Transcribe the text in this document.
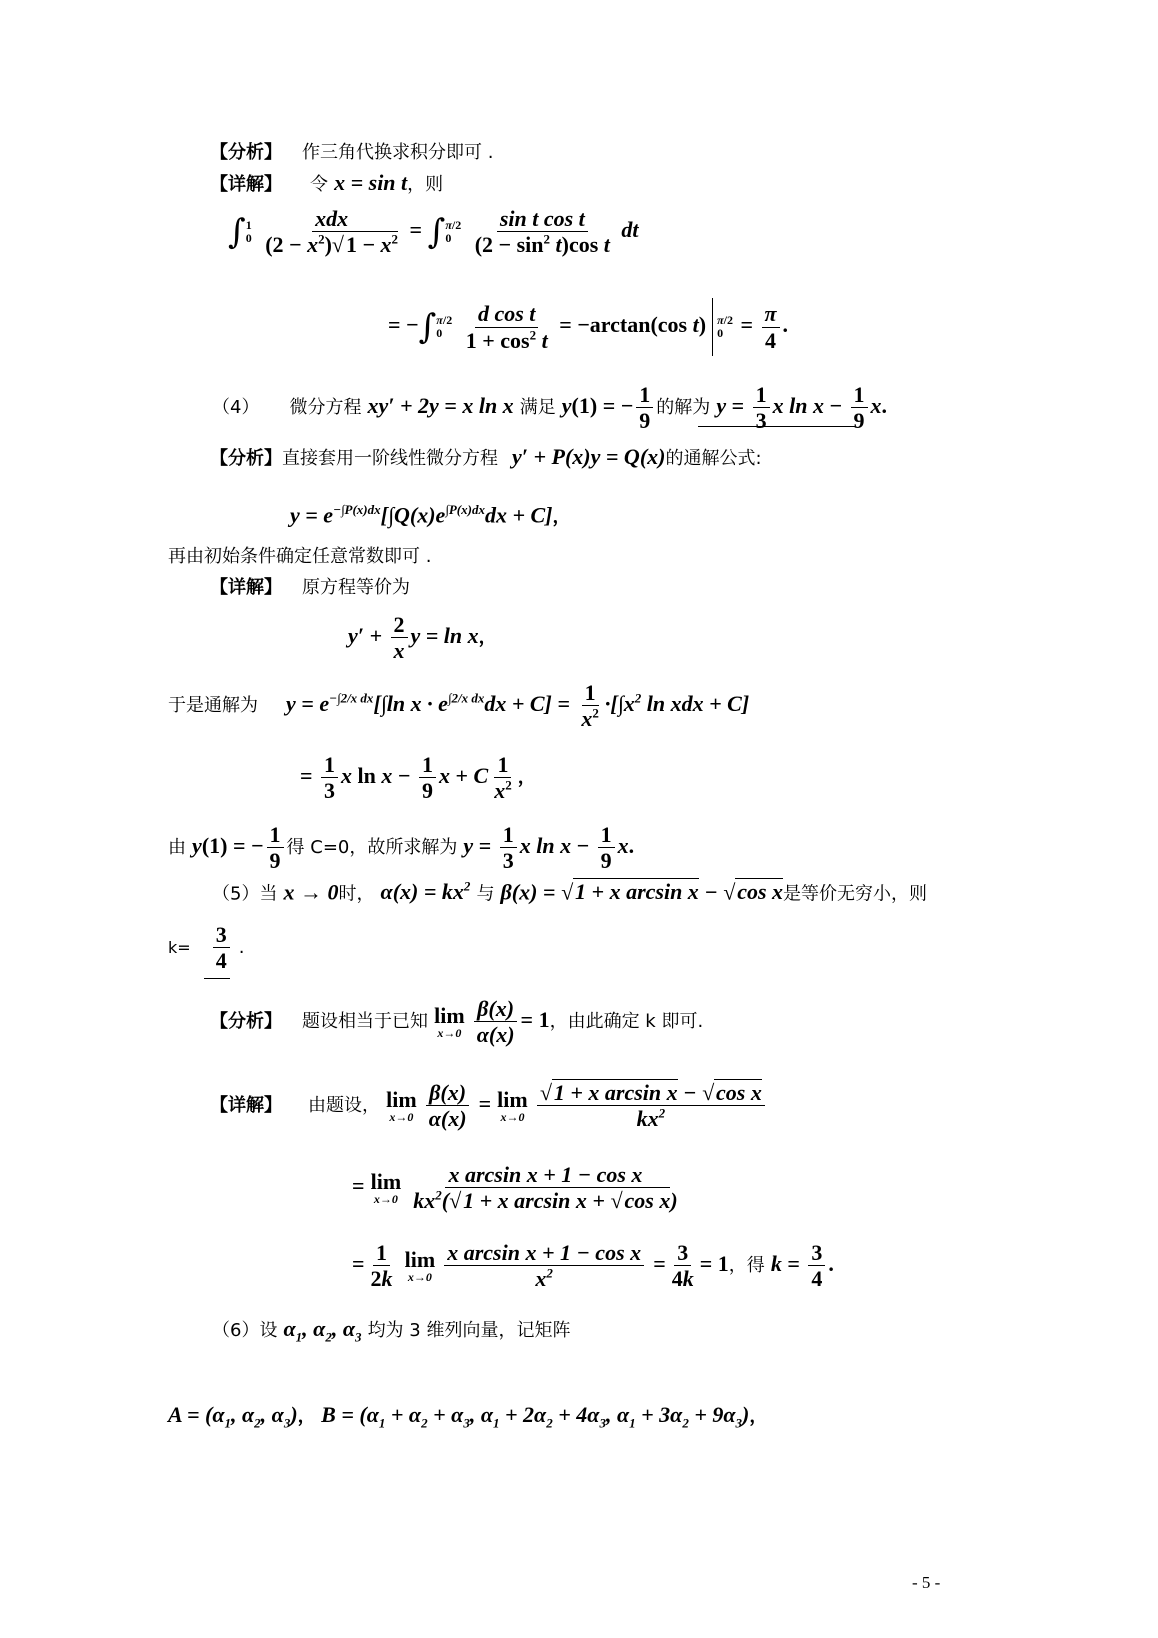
【分析】 作三角代换求积分即可 .
【详解】 令 x = sin t，则
∫ 1
0

xdx
$(2 - x^2)√1 - x^2$ = ∫ π/2
0
$\frac{\text{sin t cos t}}{(2 - \sin^2 t)\cos t}$ dt
= −∫ π/2
0
$\frac{\text{d cos t}}{1 + \cos^2 t} = -\arctan(\cos$ t) π/2
$0 = \frac{\pi}{4}$ .
（4） 微分方程 xy′ + 2y = x ln x 满足 y(1) = − $\frac{1}{9}$ 的解为 $y = \frac{1}{3}$ x $\ln x - \frac{1}{9} x$.
【分析】直接套用一阶线性微分方程 y′ + P(x)y = Q(x)的通解公式:
$y = e^{-\int P(x)dx}[\int Q(x)e^{\int P(x)dx}dx + C]$，
再由初始条件确定任意常数即可 .
【详解】 原方程等价为
$y' + \frac{2}{x}$ y = ln x，
于是通解为 $y = e^{-\int 2/x dx}[\int\ln$ $x \cdot e^{\int 2/x dx}dx + C] = \frac{1}{x^2} \cdot[\int x^2$ ln xdx + C]
= $\frac{1}{3}$ x $\ln x - \frac{1}{9}$ x + C $\frac{1}{x^2}$ ，
由 y(1) = − $\frac{1}{9}$ 得 C=0，故所求解为 $y = \frac{1}{3}$ x $\ln x - \frac{1}{9} x$.
（5）当 x → 0时， $\alpha(x) = kx^2$ 与 β(x) = √1 + x arcsin x − √cos x是等价无穷小，则
$k= \frac{3}{4}$ .
【分析】 题设相当于已知 lim
x→0
$\frac{\beta(x)}{\alpha(x)} = 1$，由此确定 k 即可.
【详解】 由题设， lim
x→0
$\frac{\beta(x)}{\alpha(x)} = \lim$
x→0
$\frac{\text{√1 + x arcsin x − √cos x}}{kx^2}$
= lim
x→0
$\frac{\text{x arcsin x + 1 − cos x}}{kx^2(√1 + x \arcsin x + √\cos x)}$
= $\frac{1}{2k}$
lim
x→0
$\frac{\text{x arcsin x + 1 − cos x}}{x^2} = \frac{3}{4k} = 1$，得 $k = \frac{3}{4}$ .
（6）设 $\alpha_1$, $\alpha_2$, $\alpha_3$ 均为 3 维列向量，记矩阵
$A = (\alpha_1$, $\alpha_2$, $\alpha_3$)， $B = (\alpha_1 + \alpha_2 + \alpha_3$, $\alpha_1 + 2\alpha_2 + 4\alpha_3$, $\alpha_1 + 3\alpha_2 + 9\alpha_3$)，
- 5 -
